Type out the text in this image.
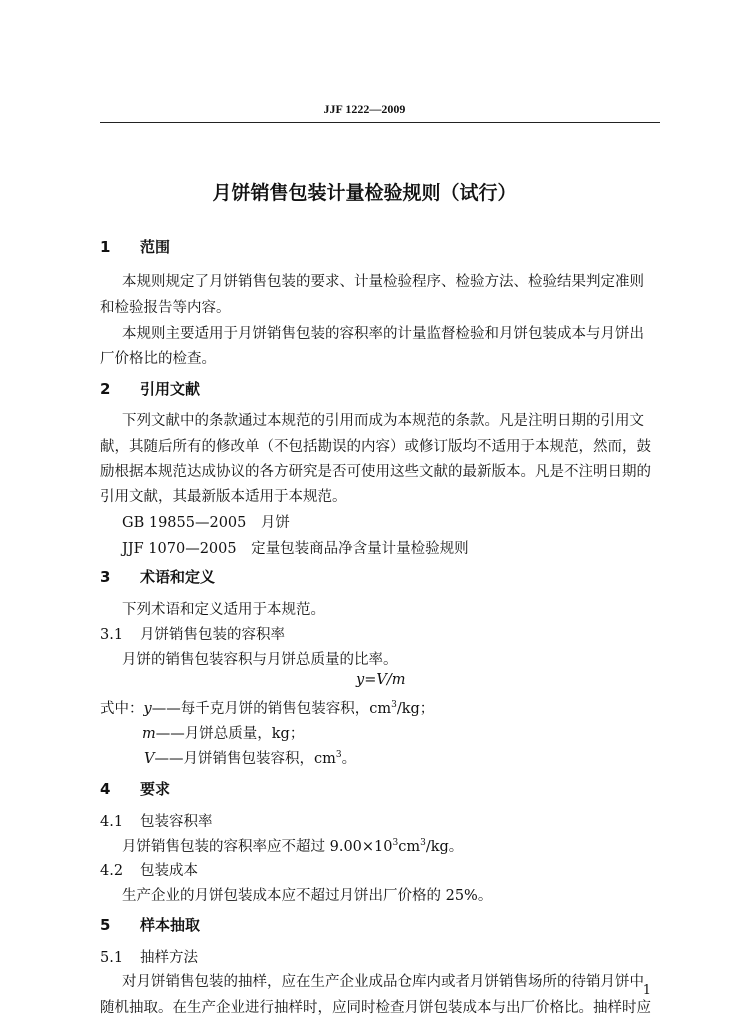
JJF 1222—2009
月饼销售包装计量检验规则（试行）
1 范围
本规则规定了月饼销售包装的要求、计量检验程序、检验方法、检验结果判定准则
和检验报告等内容。
本规则主要适用于月饼销售包装的容积率的计量监督检验和月饼包装成本与月饼出
厂价格比的检查。
2 引用文献
下列文献中的条款通过本规范的引用而成为本规范的条款。凡是注明日期的引用文
献，其随后所有的修改单（不包括勘误的内容）或修订版均不适用于本规范，然而，鼓
励根据本规范达成协议的各方研究是否可使用这些文献的最新版本。凡是不注明日期的
引用文献，其最新版本适用于本规范。
GB 19855—2005　月饼
JJF 1070—2005　定量包装商品净含量计量检验规则
3 术语和定义
下列术语和定义适用于本规范。
3.1 月饼销售包装的容积率
月饼的销售包装容积与月饼总质量的比率。
y=V/m
式中：y——每千克月饼的销售包装容积，$cm^3/kg$；
m——月饼总质量，kg；
V——月饼销售包装容积，$cm^3$。
4 要求
4.1 包装容积率
月饼销售包装的容积率应不超过 $9.00\times 10^3cm^3/kg$。
4.2 包装成本
生产企业的月饼包装成本应不超过月饼出厂价格的 25%。
5 样本抽取
5.1 抽样方法
对月饼销售包装的抽样，应在生产企业成品仓库内或者月饼销售场所的待销月饼中
随机抽取。在生产企业进行抽样时，应同时检查月饼包装成本与出厂价格比。抽样时应
1
